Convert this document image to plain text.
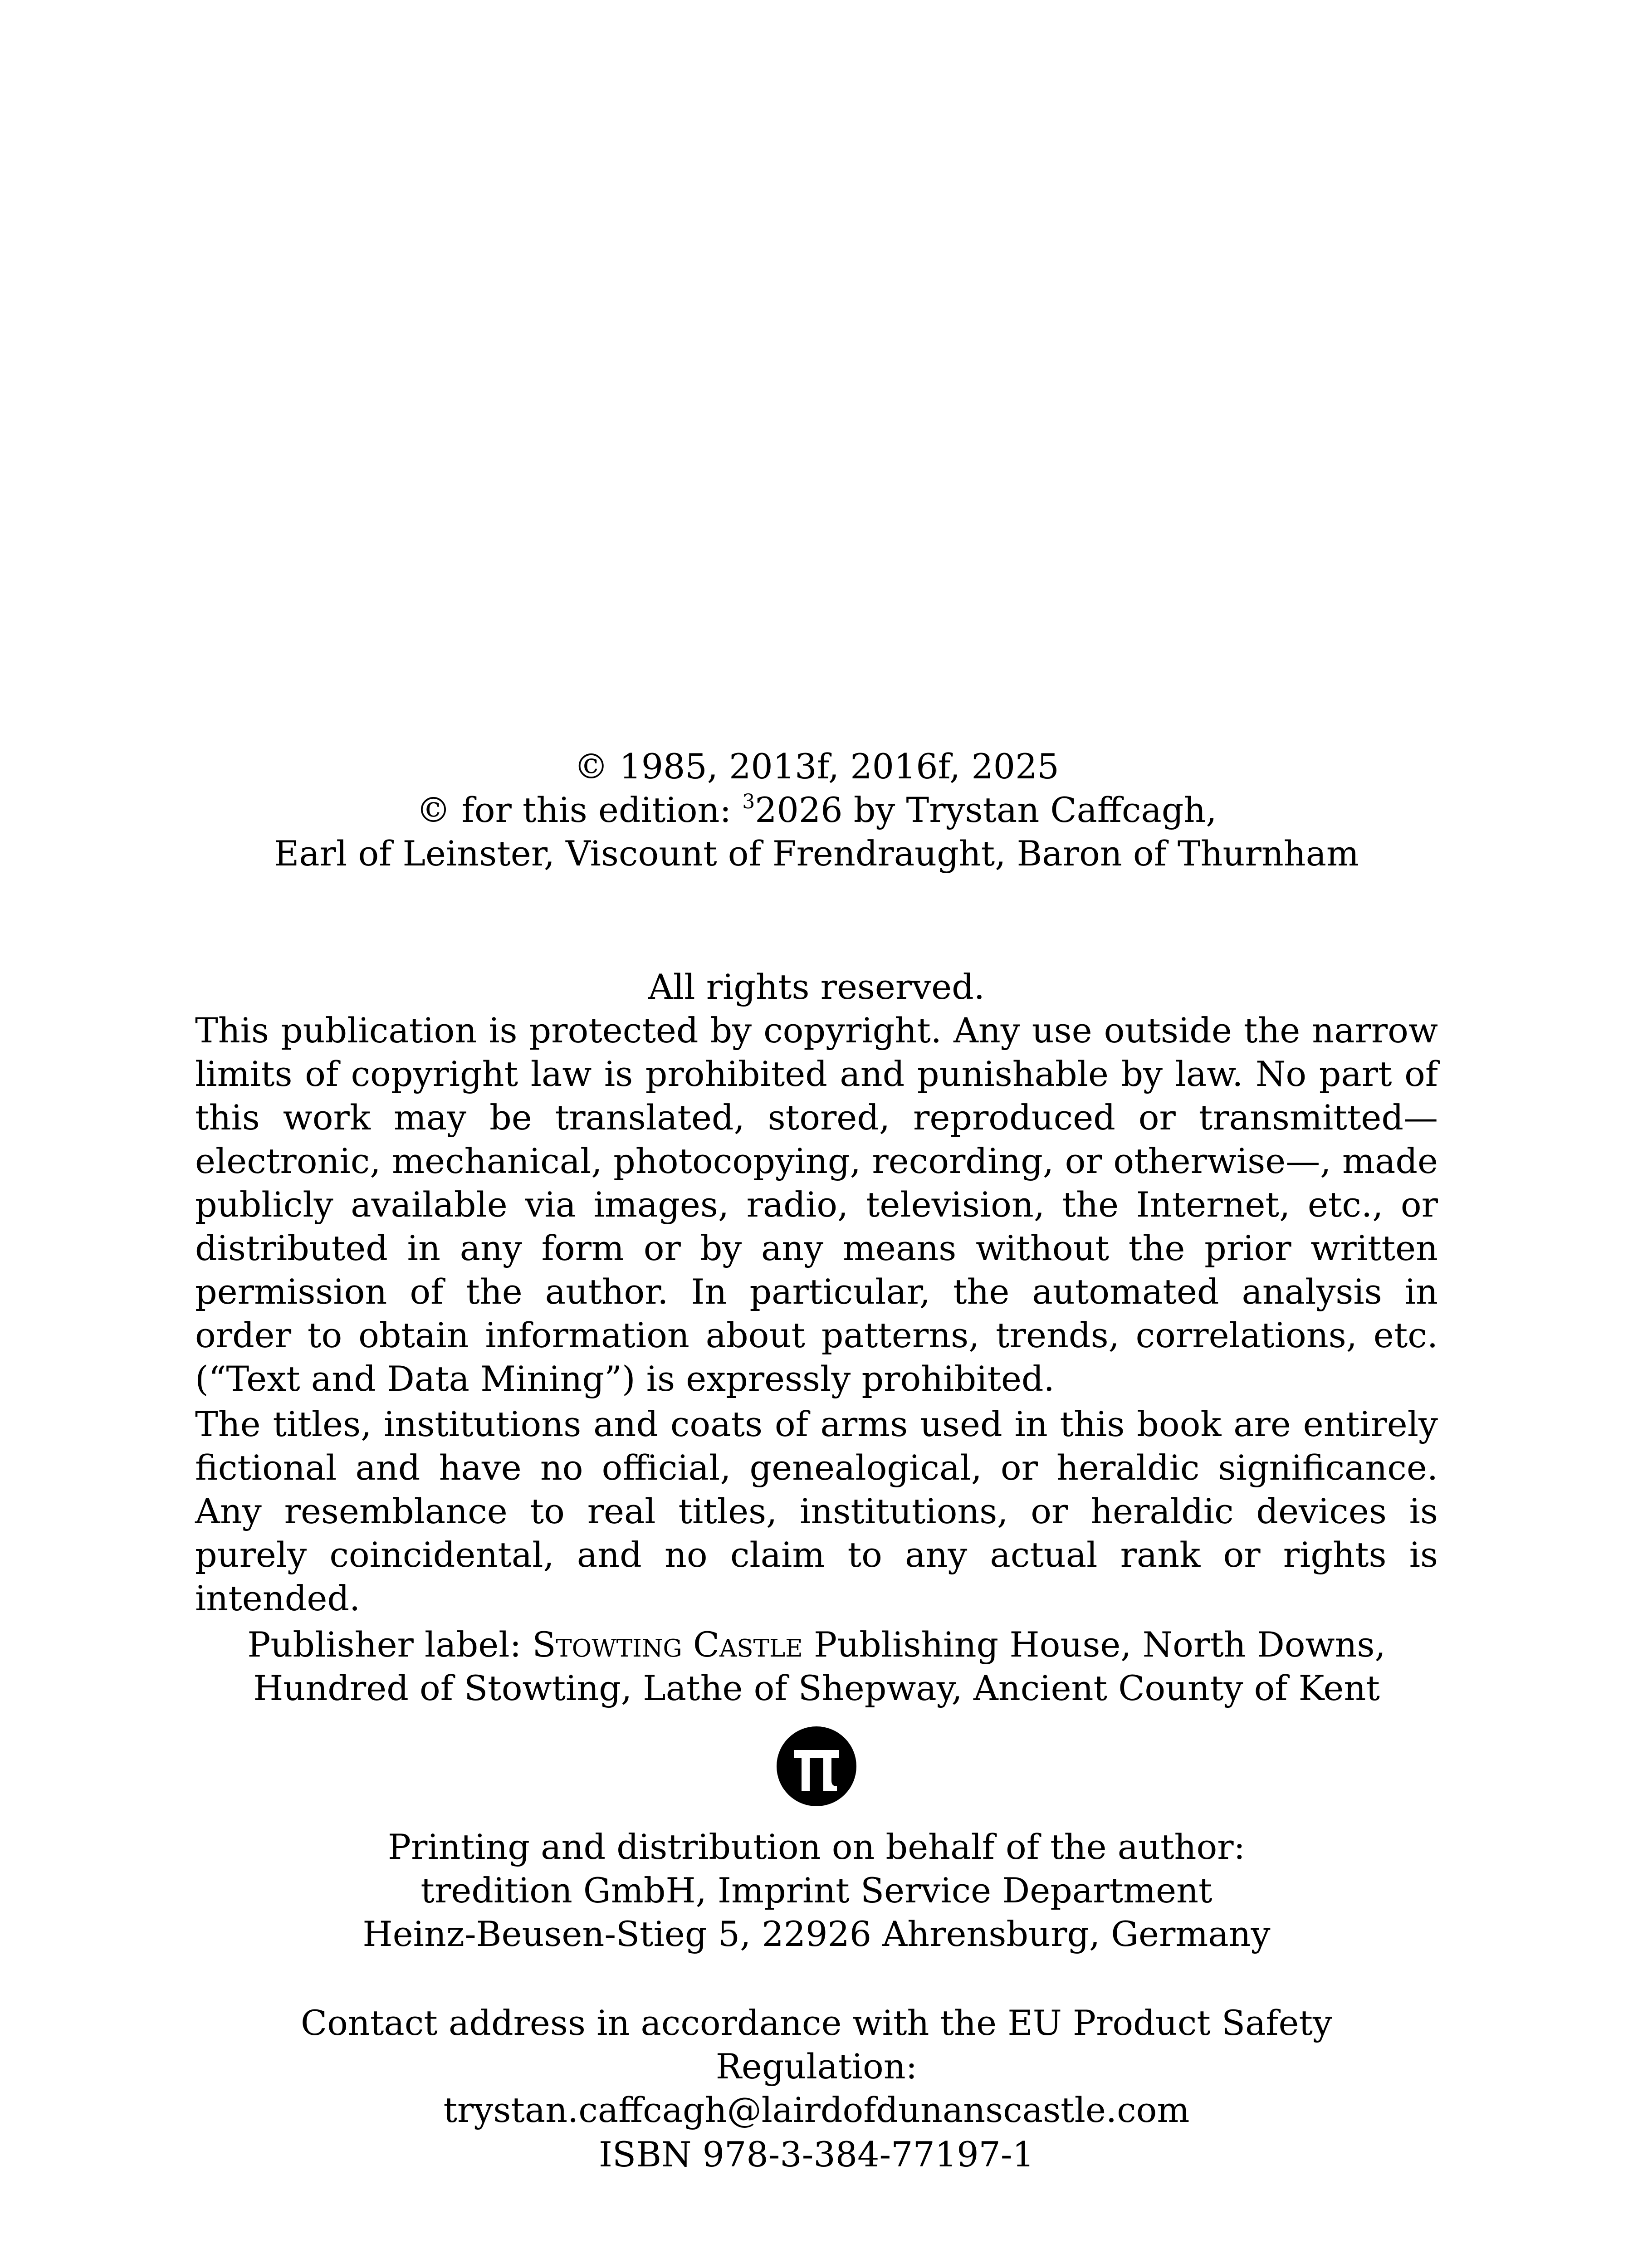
© 1985, 2013f, 2016f, 2025
© for this edition: $^3$2026 by Trystan Caffcagh,
Earl of Leinster, Viscount of Frendraught, Baron of Thurnham
All rights reserved.
This publication is protected by copyright. Any use outside the narrow limits of copyright law is prohibited and punishable by law. No part of this work may be translated, stored, reproduced or transmitted—electronic, mechanical, photocopying, recording, or otherwise—, made publicly available via images, radio, television, the Internet, etc., or distributed in any form or by any means without the prior written permission of the author. In particular, the automated analysis in order to obtain information about patterns, trends, correlations, etc. (“Text and Data Mining”) is expressly prohibited.
The titles, institutions and coats of arms used in this book are entirely fictional and have no official, genealogical, or heraldic significance. Any resemblance to real titles, institutions, or heraldic devices is purely coincidental, and no claim to any actual rank or rights is intended.
Publisher label: Stowting Castle Publishing House, North Downs,
Hundred of Stowting, Lathe of Shepway, Ancient County of Kent
Printing and distribution on behalf of the author:
tredition GmbH, Imprint Service Department
Heinz-Beusen-Stieg 5, 22926 Ahrensburg, Germany
Contact address in accordance with the EU Product Safety Regulation:
trystan.caffcagh@lairdofdunanscastle.com
ISBN 978-3-384-77197-1
